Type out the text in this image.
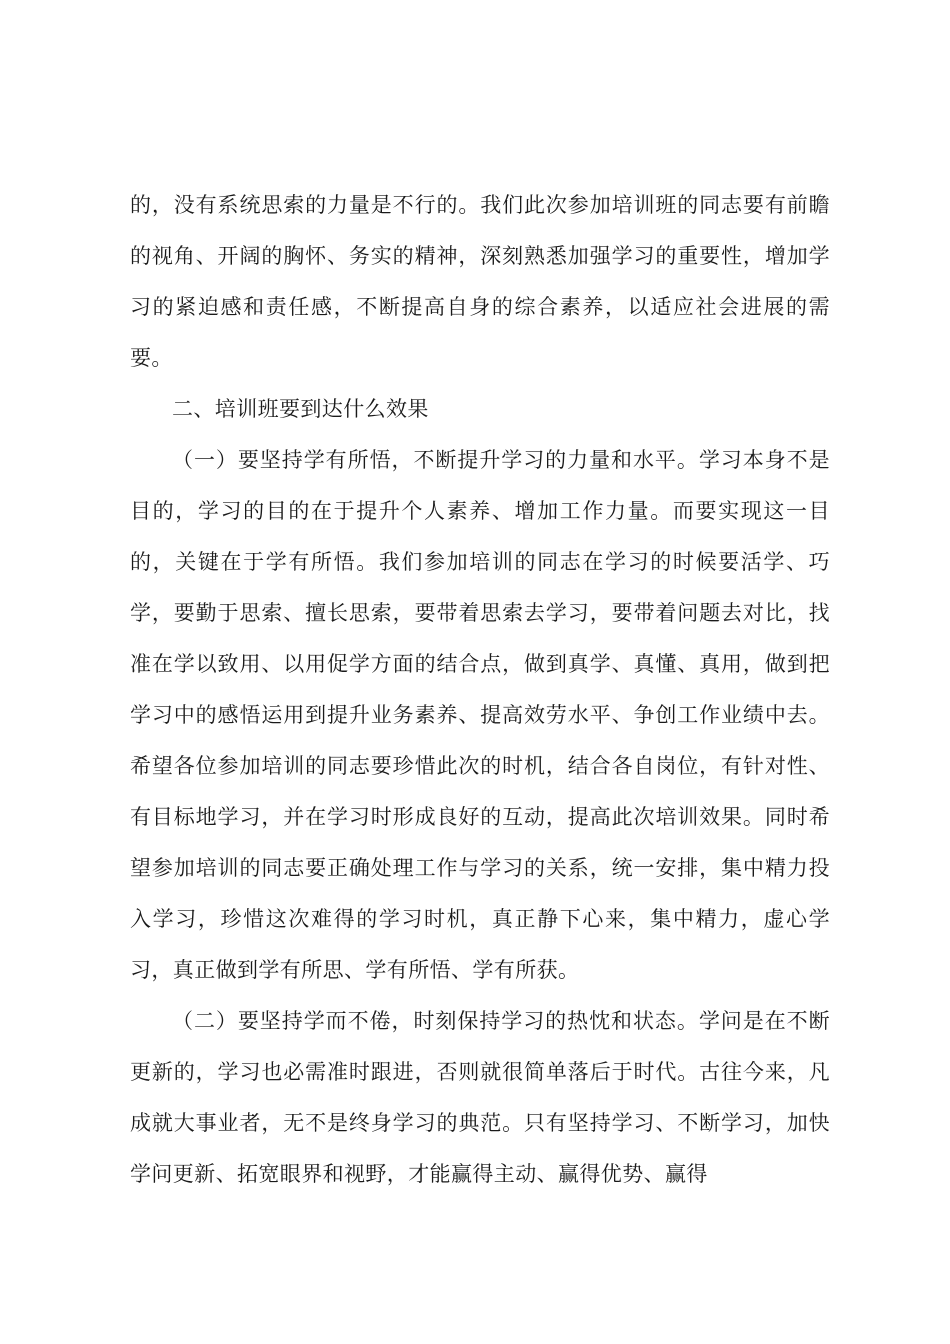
的，没有系统思索的力量是不行的。我们此次参加培训班的同志要有前瞻的视角、开阔的胸怀、务实的精神，深刻熟悉加强学习的重要性，增加学习的紧迫感和责任感，不断提高自身的综合素养，以适应社会进展的需要。

二、培训班要到达什么效果

（一）要坚持学有所悟，不断提升学习的力量和水平。学习本身不是目的，学习的目的在于提升个人素养、增加工作力量。而要实现这一目的，关键在于学有所悟。我们参加培训的同志在学习的时候要活学、巧学，要勤于思索、擅长思索，要带着思索去学习，要带着问题去对比，找准在学以致用、以用促学方面的结合点，做到真学、真懂、真用，做到把学习中的感悟运用到提升业务素养、提高效劳水平、争创工作业绩中去。希望各位参加培训的同志要珍惜此次的时机，结合各自岗位，有针对性、有目标地学习，并在学习时形成良好的互动，提高此次培训效果。同时希望参加培训的同志要正确处理工作与学习的关系，统一安排，集中精力投入学习，珍惜这次难得的学习时机，真正静下心来，集中精力，虚心学习，真正做到学有所思、学有所悟、学有所获。

（二）要坚持学而不倦，时刻保持学习的热忱和状态。学问是在不断更新的，学习也必需准时跟进，否则就很简单落后于时代。古往今来，凡成就大事业者，无不是终身学习的典范。只有坚持学习、不断学习，加快学问更新、拓宽眼界和视野，才能赢得主动、赢得优势、赢得
